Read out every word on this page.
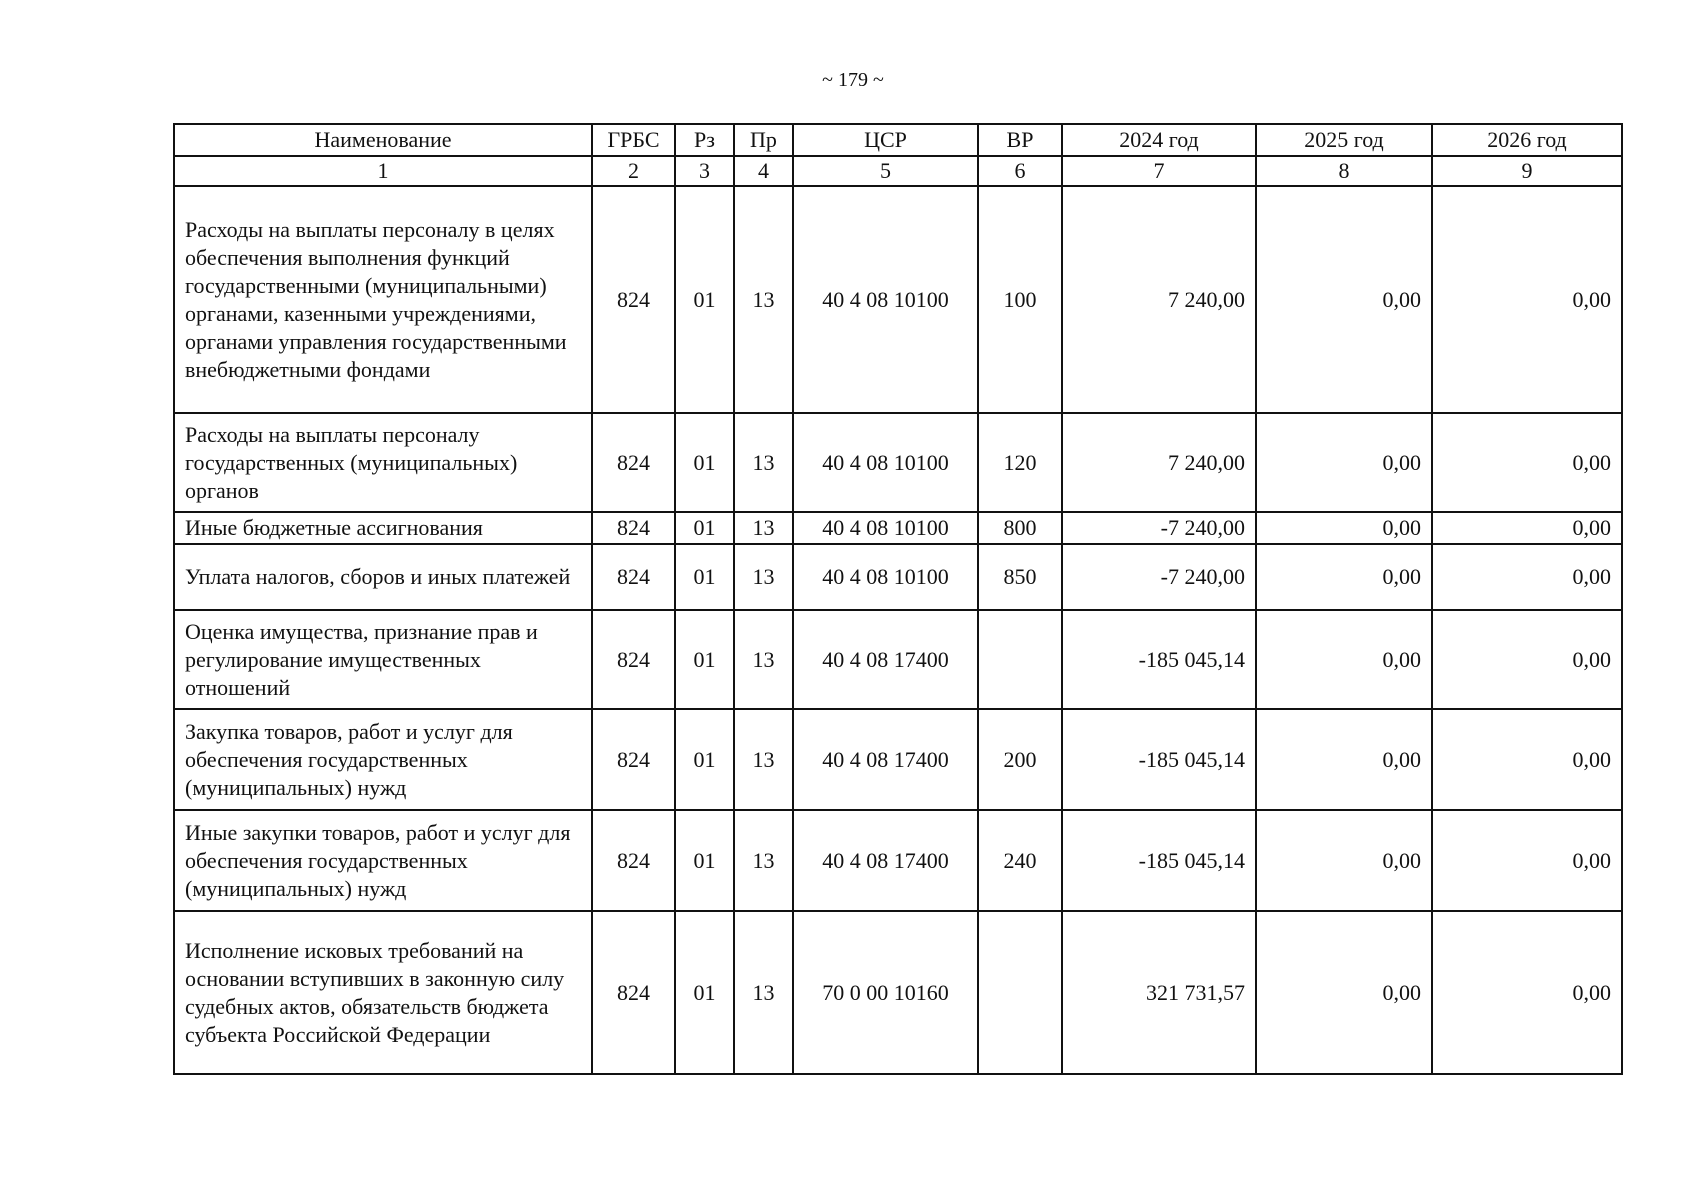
~ 179 ~
Наименование	ГРБС	Рз	Пр	ЦСР	ВР	2024 год	2025 год	2026 год
1	2	3	4	5	6	7	8	9
Расходы на выплаты персоналу в целях обеспечения выполнения функций государственными (муниципальными) органами, казенными учреждениями, органами управления государственными внебюджетными фондами	824	01	13	40 4 08 10100	100	7 240,00	0,00	0,00
Расходы на выплаты персоналу государственных (муниципальных) органов	824	01	13	40 4 08 10100	120	7 240,00	0,00	0,00
Иные бюджетные ассигнования	824	01	13	40 4 08 10100	800	-7 240,00	0,00	0,00
Уплата налогов, сборов и иных платежей	824	01	13	40 4 08 10100	850	-7 240,00	0,00	0,00
Оценка имущества, признание прав и регулирование имущественных отношений	824	01	13	40 4 08 17400		-185 045,14	0,00	0,00
Закупка товаров, работ и услуг для обеспечения государственных (муниципальных) нужд	824	01	13	40 4 08 17400	200	-185 045,14	0,00	0,00
Иные закупки товаров, работ и услуг для обеспечения государственных (муниципальных) нужд	824	01	13	40 4 08 17400	240	-185 045,14	0,00	0,00
Исполнение исковых требований на основании вступивших в законную силу судебных актов, обязательств бюджета субъекта Российской Федерации	824	01	13	70 0 00 10160		321 731,57	0,00	0,00
